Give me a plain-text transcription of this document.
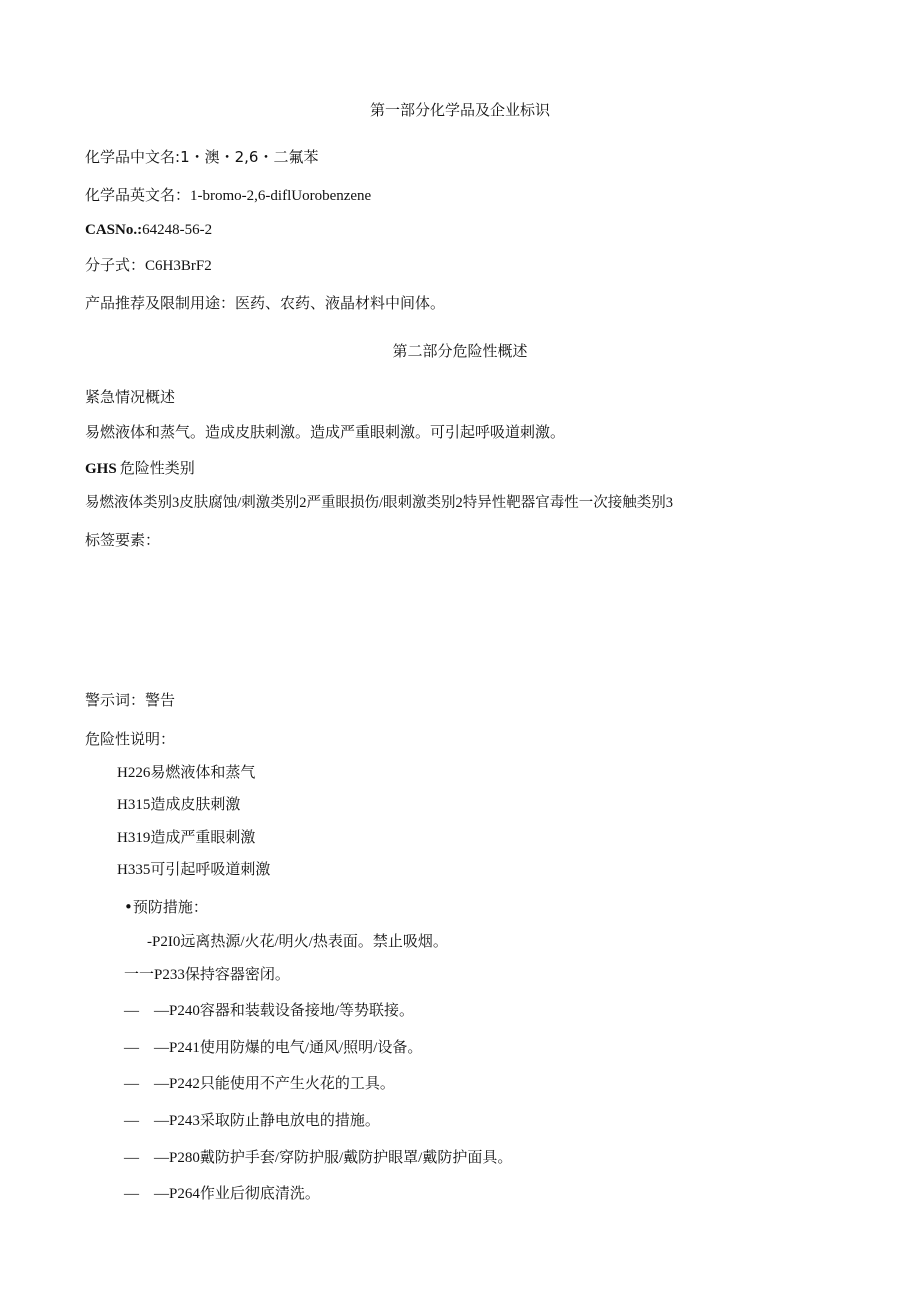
第一部分化学品及企业标识
化学品中文名:1・澳・2,6・二氟苯
化学品英文名：1-bromo-2,6-diflUorobenzene
CASNo.:64248-56-2
分子式：C6H3BrF2
产品推荐及限制用途：医药、农药、液晶材料中间体。
第二部分危险性概述
紧急情况概述
易燃液体和蒸气。造成皮肤刺激。造成严重眼刺激。可引起呼吸道刺激。
GHS 危险性类别
易燃液体类别3皮肤腐蚀/刺激类别2严重眼损伤/眼刺激类别2特异性靶器官毒性一次接触类别3
标签要素：
警示词：警告
危险性说明：
H226易燃液体和蒸气
H315造成皮肤刺激
H319造成严重眼刺激
H335可引起呼吸道刺激
•预防措施：
-P2I0远离热源/火花/明火/热表面。禁止吸烟。
一一P233保持容器密闭。
— —P240容器和装载设备接地/等势联接。
— —P241使用防爆的电气/通风/照明/设备。
— —P242只能使用不产生火花的工具。
— —P243采取防止静电放电的措施。
— —P280戴防护手套/穿防护服/戴防护眼罩/戴防护面具。
— —P264作业后彻底清洗。
